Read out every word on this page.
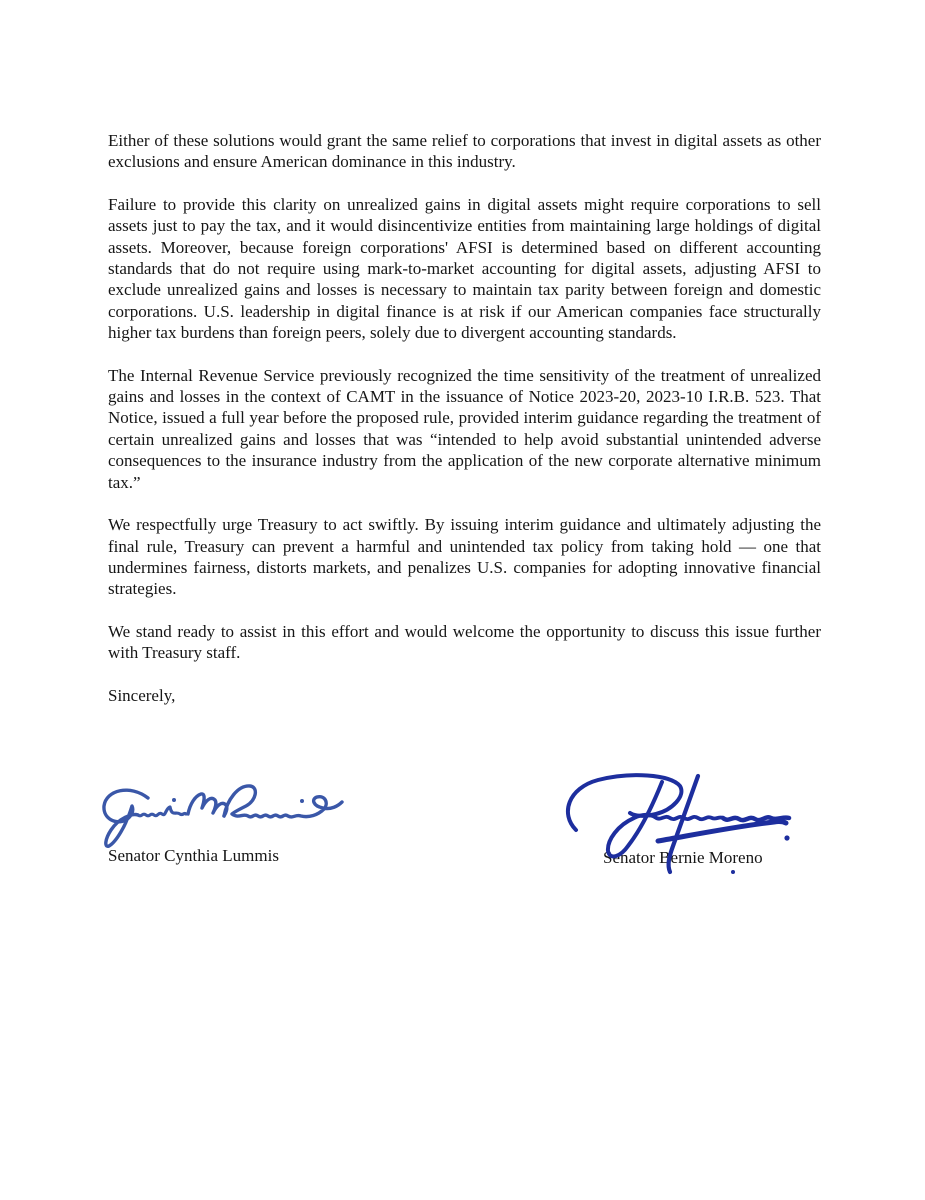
Either of these solutions would grant the same relief to corporations that invest in digital assets as other exclusions and ensure American dominance in this industry.

Failure to provide this clarity on unrealized gains in digital assets might require corporations to sell assets just to pay the tax, and it would disincentivize entities from maintaining large holdings of digital assets. Moreover, because foreign corporations' AFSI is determined based on different accounting standards that do not require using mark-to-market accounting for digital assets, adjusting AFSI to exclude unrealized gains and losses is necessary to maintain tax parity between foreign and domestic corporations. U.S. leadership in digital finance is at risk if our American companies face structurally higher tax burdens than foreign peers, solely due to divergent accounting standards.

The Internal Revenue Service previously recognized the time sensitivity of the treatment of unrealized gains and losses in the context of CAMT in the issuance of Notice 2023-20, 2023-10 I.R.B. 523. That Notice, issued a full year before the proposed rule, provided interim guidance regarding the treatment of certain unrealized gains and losses that was “intended to help avoid substantial unintended adverse consequences to the insurance industry from the application of the new corporate alternative minimum tax.”

We respectfully urge Treasury to act swiftly. By issuing interim guidance and ultimately adjusting the final rule, Treasury can prevent a harmful and unintended tax policy from taking hold — one that undermines fairness, distorts markets, and penalizes U.S. companies for adopting innovative financial strategies.

We stand ready to assist in this effort and would welcome the opportunity to discuss this issue further with Treasury staff.

Sincerely,
Senator Cynthia Lummis	Senator Bernie Moreno
